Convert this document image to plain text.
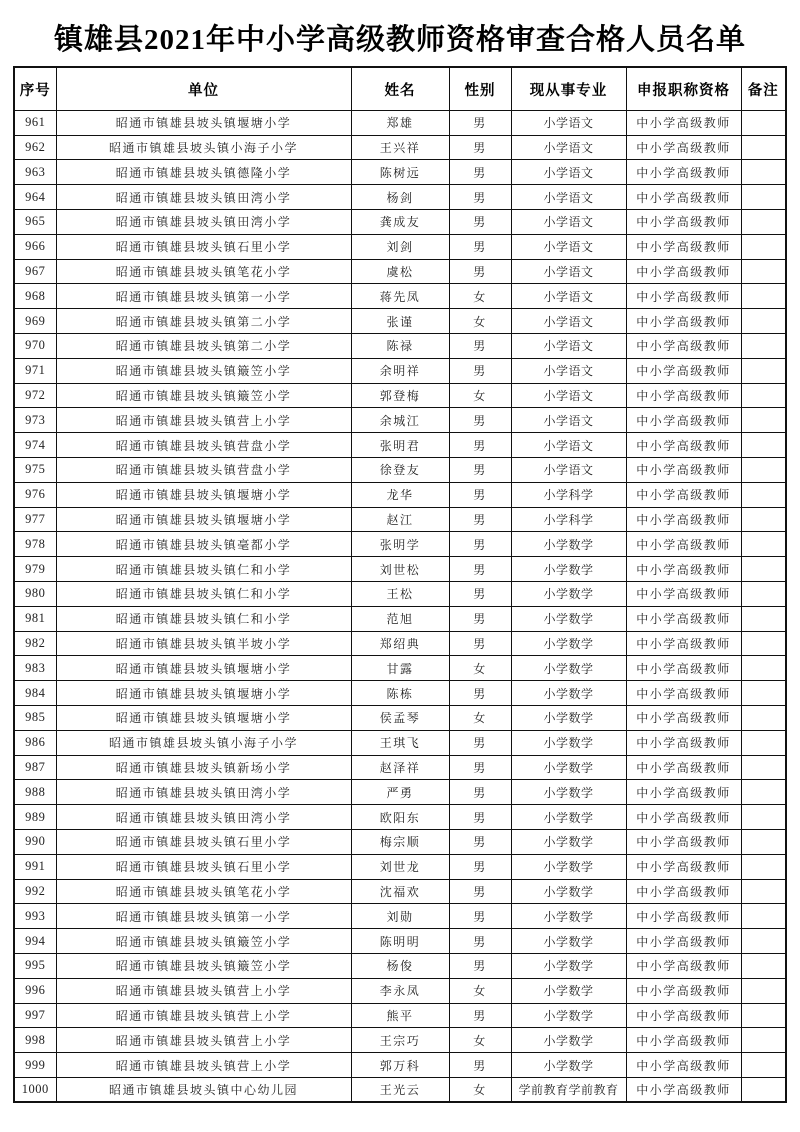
镇雄县2021年中小学高级教师资格审查合格人员名单
序号	单位	姓名	性别	现从事专业	申报职称资格	备注
961	昭通市镇雄县坡头镇堰塘小学	郑雄	男	小学语文	中小学高级教师	
962	昭通市镇雄县坡头镇小海子小学	王兴祥	男	小学语文	中小学高级教师	
963	昭通市镇雄县坡头镇德隆小学	陈树远	男	小学语文	中小学高级教师	
964	昭通市镇雄县坡头镇田湾小学	杨剑	男	小学语文	中小学高级教师	
965	昭通市镇雄县坡头镇田湾小学	龚成友	男	小学语文	中小学高级教师	
966	昭通市镇雄县坡头镇石里小学	刘剑	男	小学语文	中小学高级教师	
967	昭通市镇雄县坡头镇笔花小学	虞松	男	小学语文	中小学高级教师	
968	昭通市镇雄县坡头镇第一小学	蒋先凤	女	小学语文	中小学高级教师	
969	昭通市镇雄县坡头镇第二小学	张谨	女	小学语文	中小学高级教师	
970	昭通市镇雄县坡头镇第二小学	陈禄	男	小学语文	中小学高级教师	
971	昭通市镇雄县坡头镇簸笠小学	余明祥	男	小学语文	中小学高级教师	
972	昭通市镇雄县坡头镇簸笠小学	郭登梅	女	小学语文	中小学高级教师	
973	昭通市镇雄县坡头镇营上小学	余城江	男	小学语文	中小学高级教师	
974	昭通市镇雄县坡头镇营盘小学	张明君	男	小学语文	中小学高级教师	
975	昭通市镇雄县坡头镇营盘小学	徐登友	男	小学语文	中小学高级教师	
976	昭通市镇雄县坡头镇堰塘小学	龙华	男	小学科学	中小学高级教师	
977	昭通市镇雄县坡头镇堰塘小学	赵江	男	小学科学	中小学高级教师	
978	昭通市镇雄县坡头镇毫都小学	张明学	男	小学数学	中小学高级教师	
979	昭通市镇雄县坡头镇仁和小学	刘世松	男	小学数学	中小学高级教师	
980	昭通市镇雄县坡头镇仁和小学	王松	男	小学数学	中小学高级教师	
981	昭通市镇雄县坡头镇仁和小学	范旭	男	小学数学	中小学高级教师	
982	昭通市镇雄县坡头镇半坡小学	郑绍典	男	小学数学	中小学高级教师	
983	昭通市镇雄县坡头镇堰塘小学	甘露	女	小学数学	中小学高级教师	
984	昭通市镇雄县坡头镇堰塘小学	陈栋	男	小学数学	中小学高级教师	
985	昭通市镇雄县坡头镇堰塘小学	侯孟琴	女	小学数学	中小学高级教师	
986	昭通市镇雄县坡头镇小海子小学	王琪飞	男	小学数学	中小学高级教师	
987	昭通市镇雄县坡头镇新场小学	赵泽祥	男	小学数学	中小学高级教师	
988	昭通市镇雄县坡头镇田湾小学	严勇	男	小学数学	中小学高级教师	
989	昭通市镇雄县坡头镇田湾小学	欧阳东	男	小学数学	中小学高级教师	
990	昭通市镇雄县坡头镇石里小学	梅宗顺	男	小学数学	中小学高级教师	
991	昭通市镇雄县坡头镇石里小学	刘世龙	男	小学数学	中小学高级教师	
992	昭通市镇雄县坡头镇笔花小学	沈福欢	男	小学数学	中小学高级教师	
993	昭通市镇雄县坡头镇第一小学	刘勋	男	小学数学	中小学高级教师	
994	昭通市镇雄县坡头镇簸笠小学	陈明明	男	小学数学	中小学高级教师	
995	昭通市镇雄县坡头镇簸笠小学	杨俊	男	小学数学	中小学高级教师	
996	昭通市镇雄县坡头镇营上小学	李永凤	女	小学数学	中小学高级教师	
997	昭通市镇雄县坡头镇营上小学	熊平	男	小学数学	中小学高级教师	
998	昭通市镇雄县坡头镇营上小学	王宗巧	女	小学数学	中小学高级教师	
999	昭通市镇雄县坡头镇营上小学	郭万科	男	小学数学	中小学高级教师	
1000	昭通市镇雄县坡头镇中心幼儿园	王光云	女	学前教育学前教育	中小学高级教师	
